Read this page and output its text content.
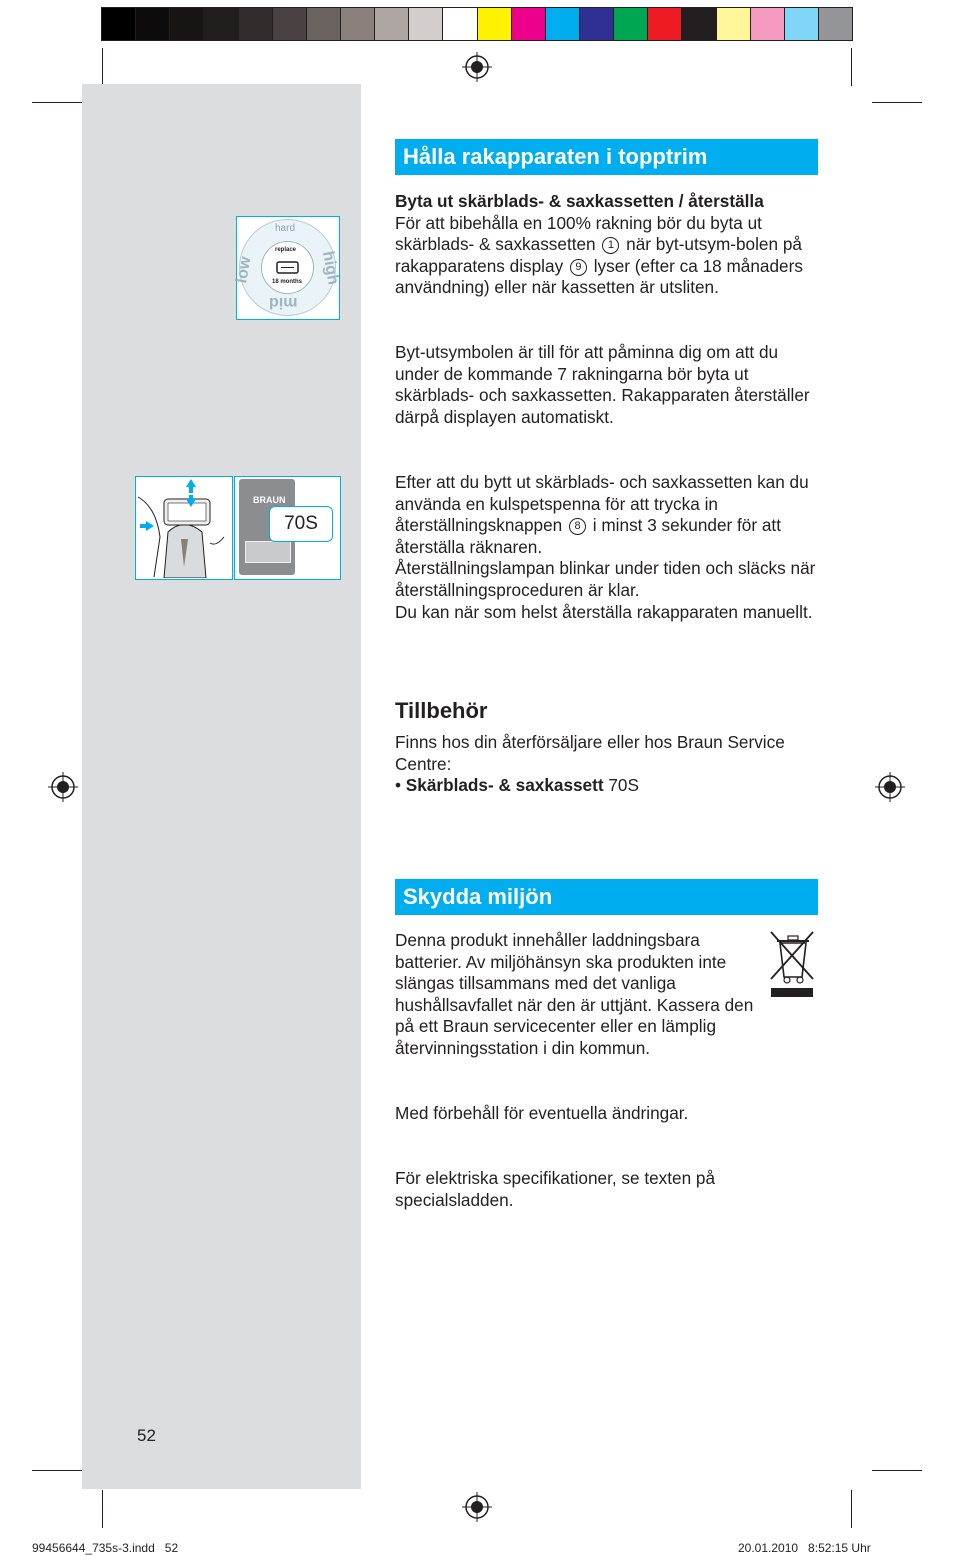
hard
low	high
mid
replace
18 months
BRAUN
70S
Hålla rakapparaten i topptrim
Byta ut skärblads- & saxkassetten / återställa
För att bibehålla en 100% rakning bör du byta ut skärblads- & saxkassetten 1 när byt-utsym-bolen på rakapparatens display 9 lyser (efter ca 18 månaders användning) eller när kassetten är utsliten.
Byt-utsymbolen är till för att påminna dig om att du under de kommande 7 rakningarna bör byta ut skärblads- och saxkassetten. Rakapparaten återställer därpå displayen automatiskt.
Efter att du bytt ut skärblads- och saxkassetten kan du använda en kulspetspenna för att trycka in återställningsknappen 8 i minst 3 sekunder för att återställa räknaren.
Återställningslampan blinkar under tiden och släcks när återställningsproceduren är klar.
Du kan när som helst återställa rakapparaten manuellt.
Tillbehör
Finns hos din återförsäljare eller hos Braun Service Centre:
• Skärblads- & saxkassett 70S
Skydda miljön
Denna produkt innehåller laddningsbara batterier. Av miljöhänsyn ska produkten inte slängas tillsammans med det vanliga hushållsavfallet när den är uttjänt. Kassera den på ett Braun servicecenter eller en lämplig återvinningsstation i din kommun.
Med förbehåll för eventuella ändringar.
För elektriska specifikationer, se texten på specialsladden.
52
99456644_735s-3.indd   52	20.01.2010   8:52:15 Uhr
